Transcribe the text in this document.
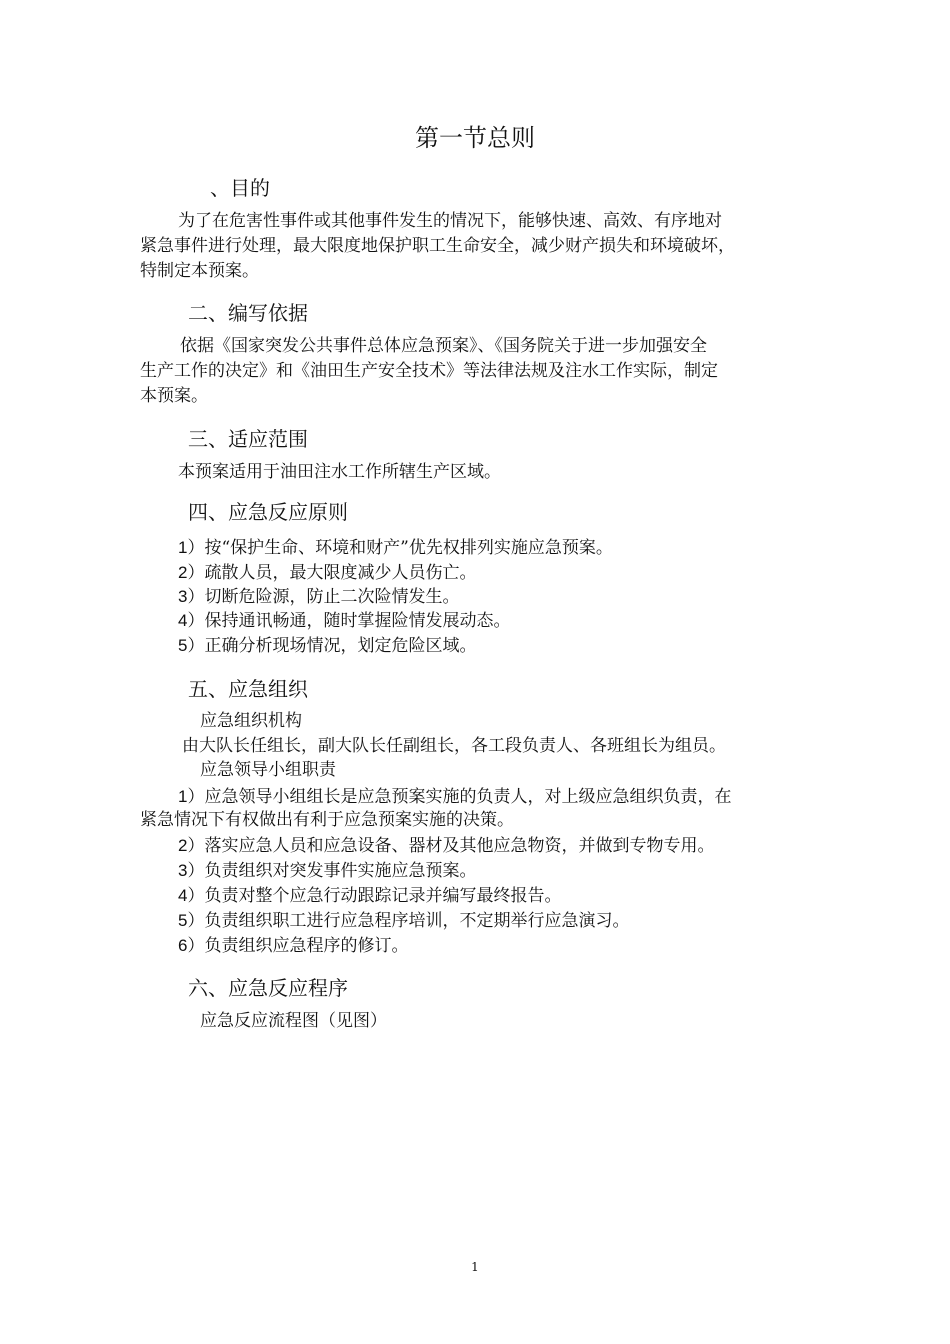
第一节总则
、目的
为了在危害性事件或其他事件发生的情况下，能够快速、高效、有序地对
紧急事件进行处理，最大限度地保护职工生命安全，减少财产损失和环境破坏，
特制定本预案。
二、编写依据
依据《国家突发公共事件总体应急预案》、《国务院关于进一步加强安全
生产工作的决定》和《油田生产安全技术》等法律法规及注水工作实际，制定
本预案。
三、适应范围
本预案适用于油田注水工作所辖生产区域。
四、应急反应原则
1）按“保护生命、环境和财产”优先权排列实施应急预案。
2）疏散人员，最大限度减少人员伤亡。
3）切断危险源，防止二次险情发生。
4）保持通讯畅通，随时掌握险情发展动态。
5）正确分析现场情况，划定危险区域。
五、应急组织
应急组织机构
由大队长任组长，副大队长任副组长，各工段负责人、各班组长为组员。
应急领导小组职责
1）应急领导小组组长是应急预案实施的负责人，对上级应急组织负责，在
紧急情况下有权做出有利于应急预案实施的决策。
2）落实应急人员和应急设备、器材及其他应急物资，并做到专物专用。
3）负责组织对突发事件实施应急预案。
4）负责对整个应急行动跟踪记录并编写最终报告。
5）负责组织职工进行应急程序培训，不定期举行应急演习。
6）负责组织应急程序的修订。
六、应急反应程序
应急反应流程图（见图）
1
